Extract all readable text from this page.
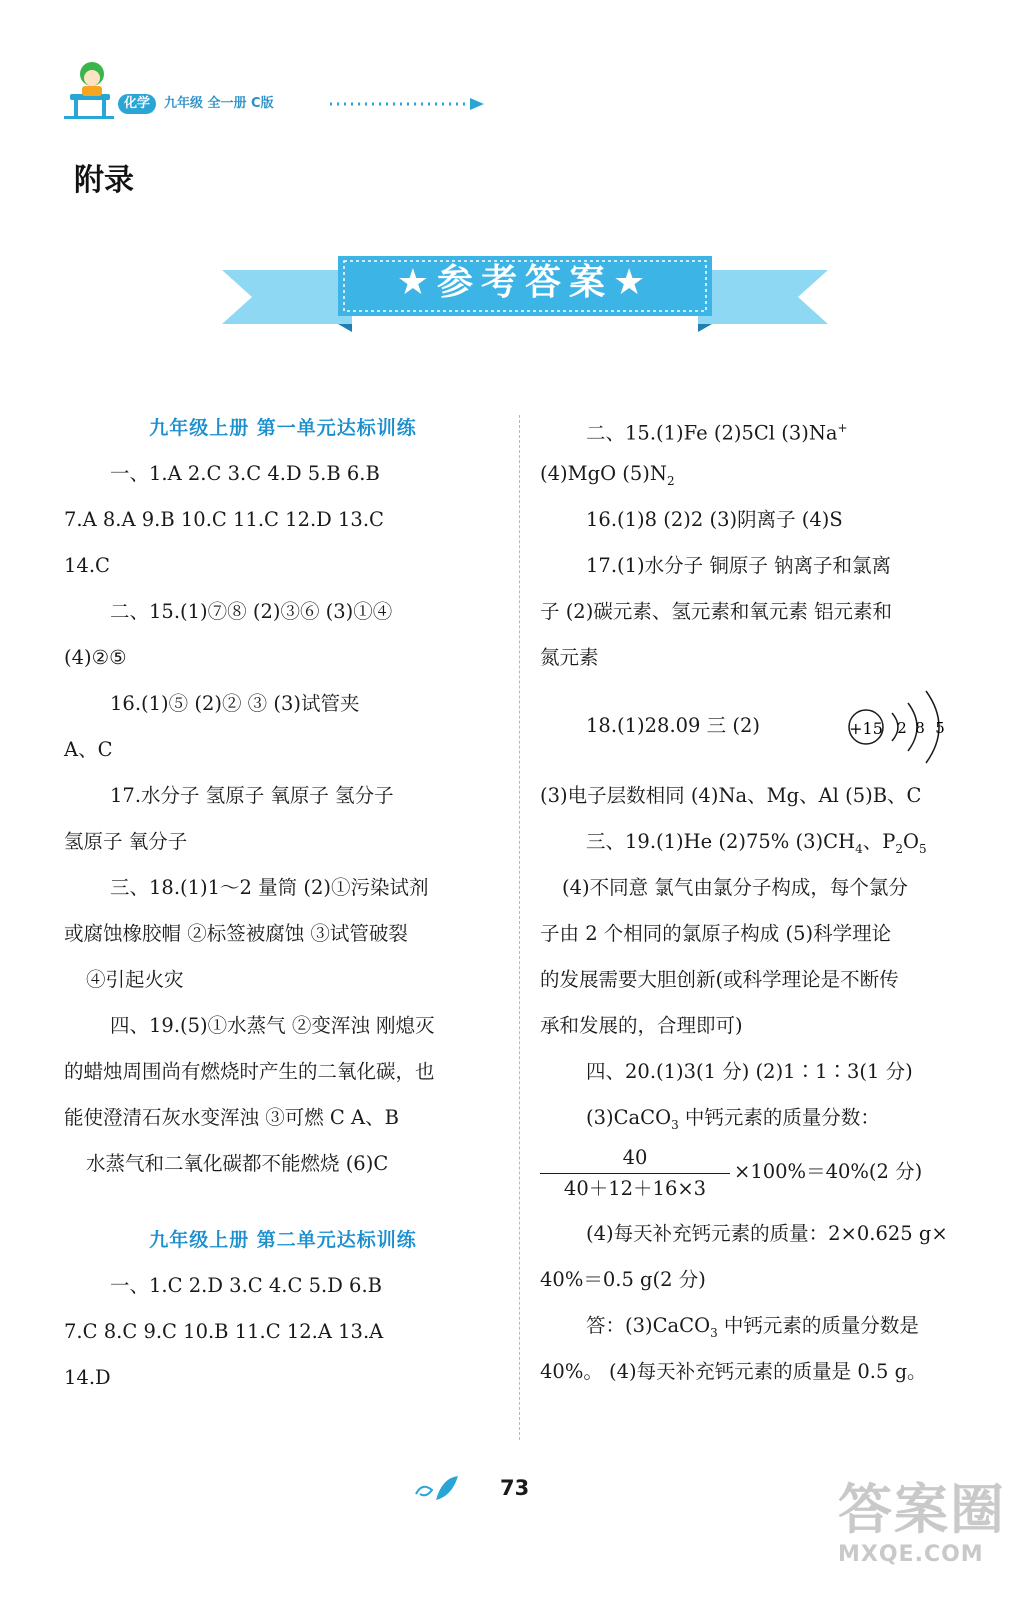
化学	九年级 全一册 C版
附录
★参考答案★
九年级上册 第一单元达标训练
一、1.A 2.C 3.C 4.D 5.B 6.B
7.A 8.A 9.B 10.C 11.C 12.D 13.C
14.C
二、15.(1)⑦⑧ (2)③⑥ (3)①④
(4)②⑤
16.(1)⑤ (2)② ③ (3)试管夹
A、C
17.水分子 氢原子 氧原子 氢分子
氢原子 氧分子
三、18.(1)1～2 量筒 (2)①污染试剂
或腐蚀橡胶帽 ②标签被腐蚀 ③试管破裂
④引起火灾
四、19.(5)①水蒸气 ②变浑浊 刚熄灭
的蜡烛周围尚有燃烧时产生的二氧化碳，也
能使澄清石灰水变浑浊 ③可燃 C A、B
水蒸气和二氧化碳都不能燃烧 (6)C
九年级上册 第二单元达标训练
一、1.C 2.D 3.C 4.C 5.D 6.B
7.C 8.C 9.C 10.B 11.C 12.A 13.A
14.D
二、15.(1)Fe (2)5Cl (3)Na+
(4)MgO $(5)N_2$
16.(1)8 (2)2 (3)阴离子 (4)S
17.(1)水分子 铜原子 钠离子和氯离
子 (2)碳元素、氢元素和氧元素 铝元素和
氮元素
18.(1)28.09 三 (2)	+15 2 8 5
(3)电子层数相同 (4)Na、Mg、Al (5)B、C
三、19.(1)He (2)75% $(3)CH_4$、$P_2O_5$
(4)不同意 氯气由氯分子构成，每个氯分
子由 2 个相同的氯原子构成 (5)科学理论
的发展需要大胆创新(或科学理论是不断传
承和发展的，合理即可)
四、20.(1)3(1 分) (2)1∶1∶3(1 分)
(3)CaCO$_3$ 中钙元素的质量分数：
40
40＋12＋16×3
×100%＝40%(2 分)
(4)每天补充钙元素的质量：2×0.625 g×
40%＝0.5 g(2 分)
答：(3)CaCO$_3$ 中钙元素的质量分数是
40%。 (4)每天补充钙元素的质量是 0.5 g。
73	答案圈
MXQE.COM
